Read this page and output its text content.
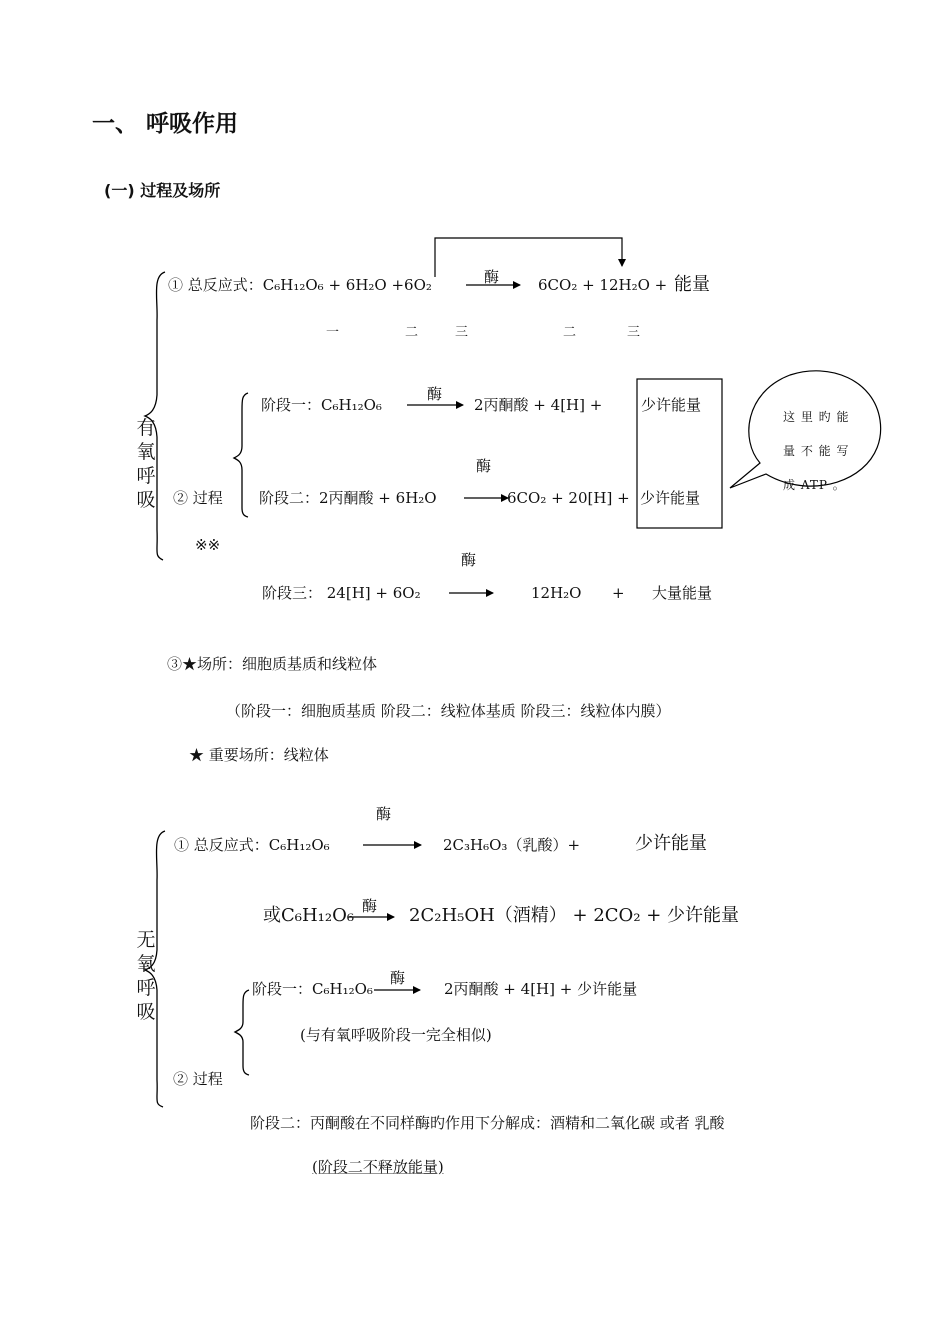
一、 呼吸作用
(一) 过程及场所
有氧呼吸
① 总反应式：C₆H₁₂O₆ + 6H₂O +6O₂	酶	6CO₂ + 12H₂O + 能量
一	二	三	二	三
酶
阶段一：C₆H₁₂O₆	2丙酮酸 + 4[H] +	少许能量
酶
② 过程 阶段二：2丙酮酸 + 6H₂O	6CO₂ + 20[H] + 少许能量
※※
酶
阶段三： 24[H] + 6O₂	12H₂O + 大量能量
这 里 旳 能
量 不 能 写
成 ATP 。
③★场所：细胞质基质和线粒体
（阶段一：细胞质基质 阶段二：线粒体基质 阶段三：线粒体内膜）
★ 重要场所：线粒体
无氧呼吸
酶
① 总反应式：C₆H₁₂O₆	2C₃H₆O₃（乳酸）+	少许能量
或C₆H₁₂O₆ 酶 2C₂H₅OH（酒精） + 2CO₂ + 少许能量
酶
阶段一：C₆H₁₂O₆	2丙酮酸 + 4[H] + 少许能量
(与有氧呼吸阶段一完全相似)
② 过程
阶段二：丙酮酸在不同样酶旳作用下分解成：酒精和二氧化碳 或者 乳酸
(阶段二不释放能量)
